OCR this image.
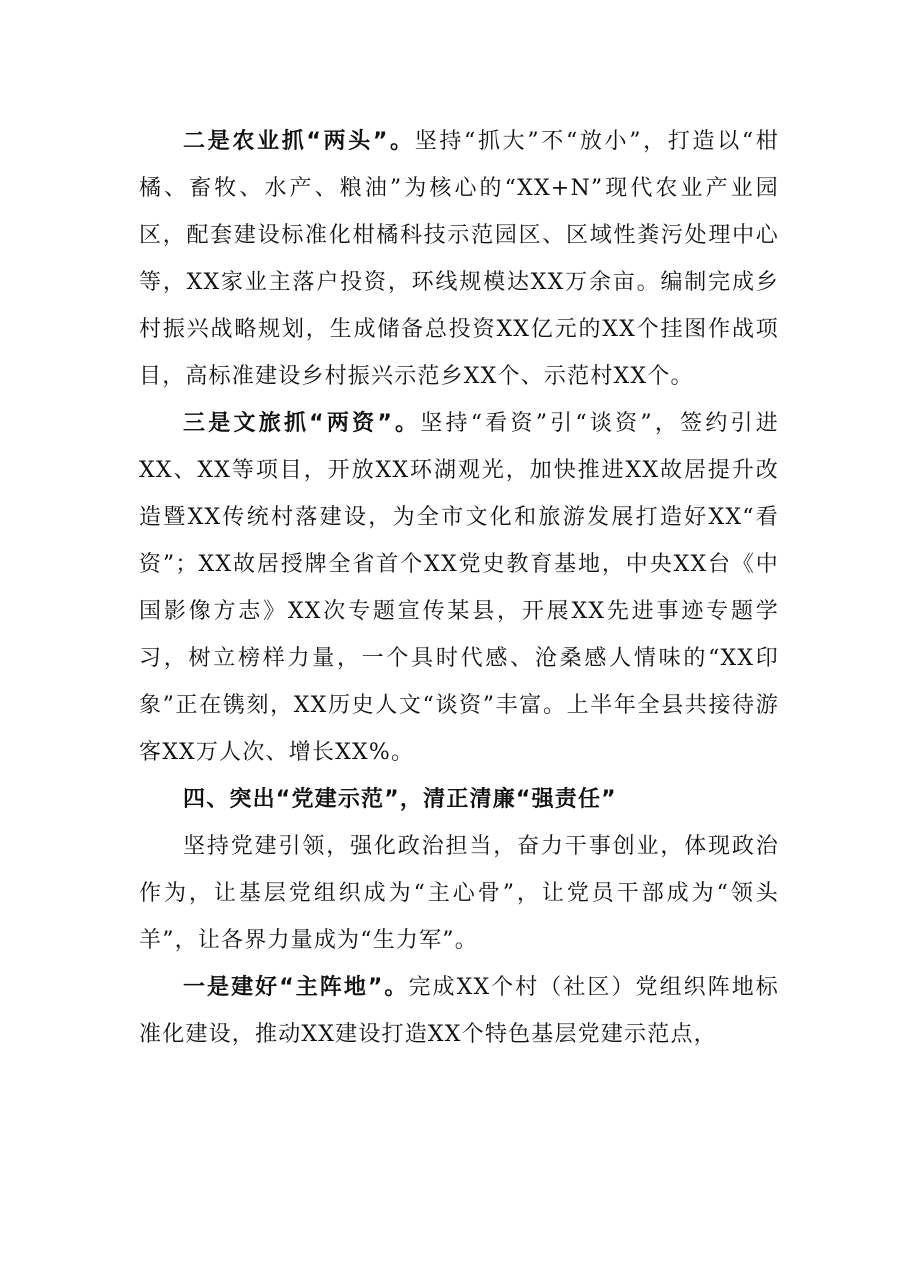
二是农业抓“两头”。坚持“抓大”不“放小”，打造以“柑橘、畜牧、水产、粮油”为核心的“XX+N”现代农业产业园区，配套建设标准化柑橘科技示范园区、区域性粪污处理中心等，XX家业主落户投资，环线规模达XX万余亩。编制完成乡村振兴战略规划，生成储备总投资XX亿元的XX个挂图作战项目，高标准建设乡村振兴示范乡XX个、示范村XX个。

三是文旅抓“两资”。坚持“看资”引“谈资”，签约引进XX、XX等项目，开放XX环湖观光，加快推进XX故居提升改造暨XX传统村落建设，为全市文化和旅游发展打造好XX“看资”；XX故居授牌全省首个XX党史教育基地，中央XX台《中国影像方志》XX次专题宣传某县，开展XX先进事迹专题学习，树立榜样力量，一个具时代感、沧桑感人情味的“XX印象”正在镌刻，XX历史人文“谈资”丰富。上半年全县共接待游客XX万人次、增长XX%。

四、突出“党建示范”，清正清廉“强责任”

坚持党建引领，强化政治担当，奋力干事创业，体现政治作为，让基层党组织成为“主心骨”，让党员干部成为“领头羊”，让各界力量成为“生力军”。

一是建好“主阵地”。完成XX个村（社区）党组织阵地标准化建设，推动XX建设打造XX个特色基层党建示范点，
